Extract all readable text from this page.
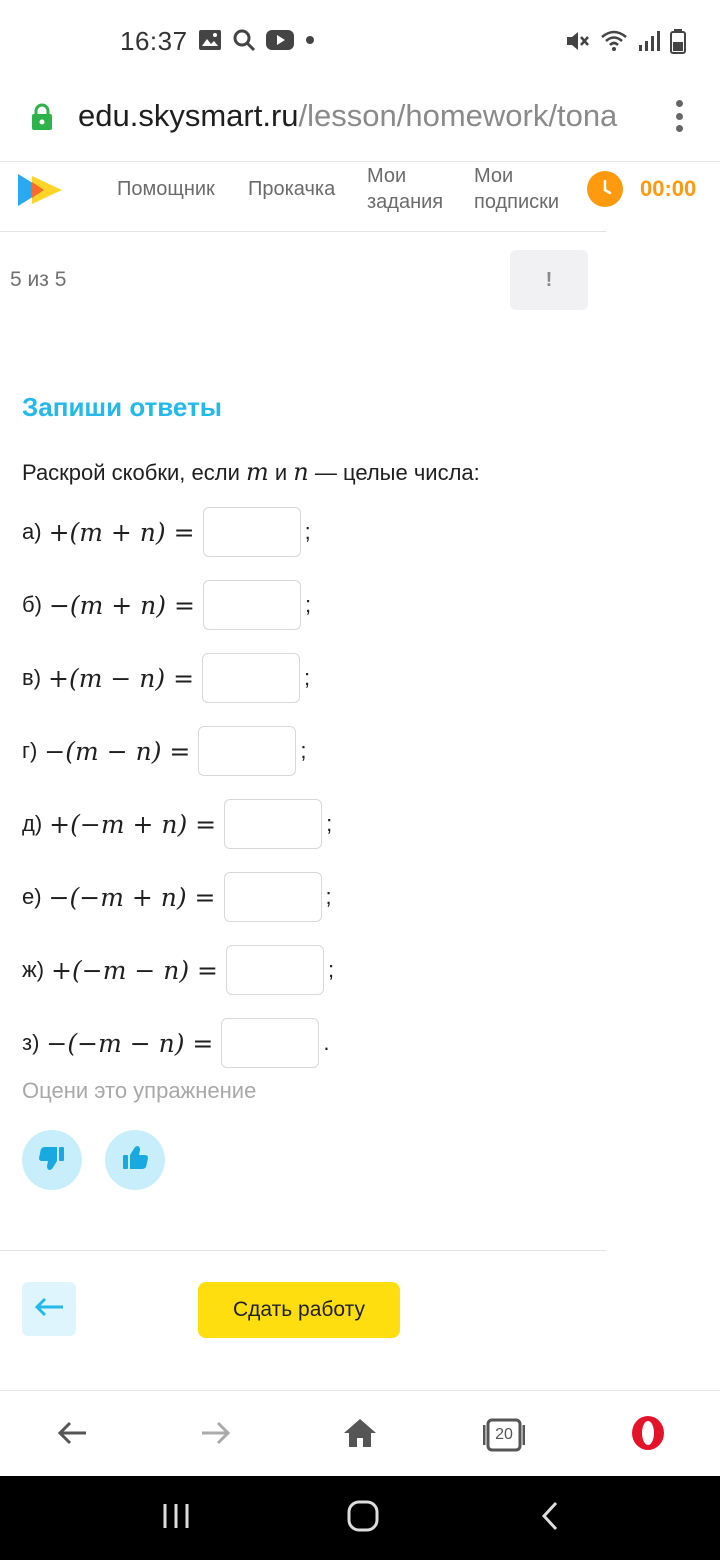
16:37
edu.skysmart.ru/lesson/homework/tona
Помощник Прокачка
Мои
задания
Мои
подписки
00:00
5 из 5	!
Запиши ответы
Раскрой скобки, если m и n — целые числа:
а) +(m + n) =	;
б) −(m + n) =	;
в) +(m − n) =	;
г) −(m − n) =	;
д) +(−m + n) =	;
е) −(−m + n) =	;
ж) +(−m − n) =	;
з) −(−m − n) =	.
Оцени это упражнение
Сдать работу
20
